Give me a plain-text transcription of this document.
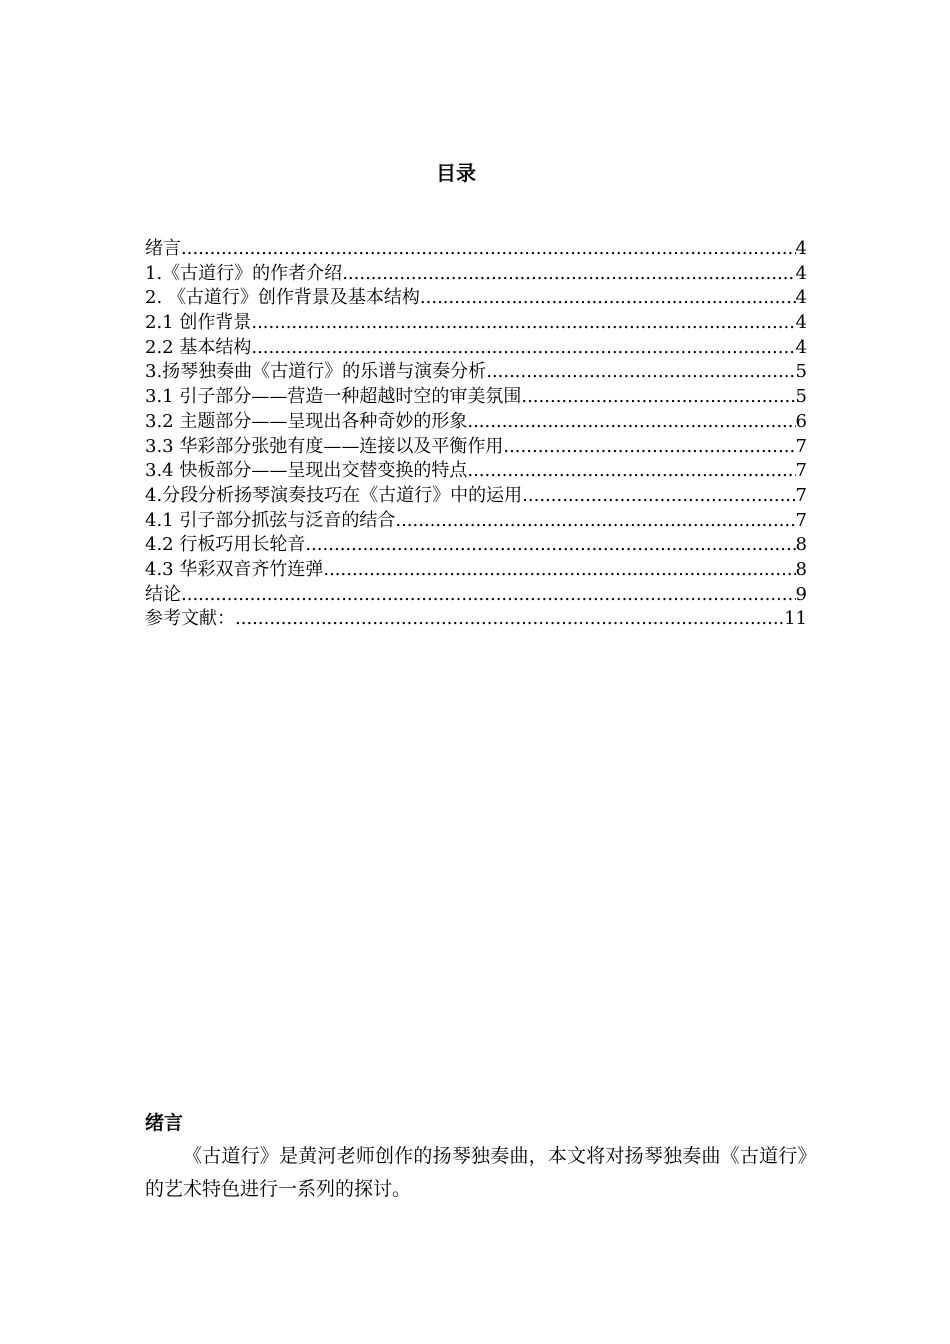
目录
绪言 .....	4
1.《古道行》的作者介绍 .....	4
2. 《古道行》创作背景及基本结构 .....	4
2.1 创作背景 .....	4
2.2 基本结构 .....	4
3.扬琴独奏曲《古道行》的乐谱与演奏分析 .....	5
3.1 引子部分——营造一种超越时空的审美氛围 .....	5
3.2 主题部分——呈现出各种奇妙的形象 .....	6
3.3 华彩部分张弛有度——连接以及平衡作用 .....	7
3.4 快板部分——呈现出交替变换的特点 .....	7
4.分段分析扬琴演奏技巧在《古道行》中的运用 .....	7
4.1 引子部分抓弦与泛音的结合 .....	7
4.2 行板巧用长轮音 .....	8
4.3 华彩双音齐竹连弹 .....	8
结论 .....	9
参考文献： .....	11
绪言

《古道行》是黄河老师创作的扬琴独奏曲，本文将对扬琴独奏曲《古道行》的艺术特色进行一系列的探讨。
